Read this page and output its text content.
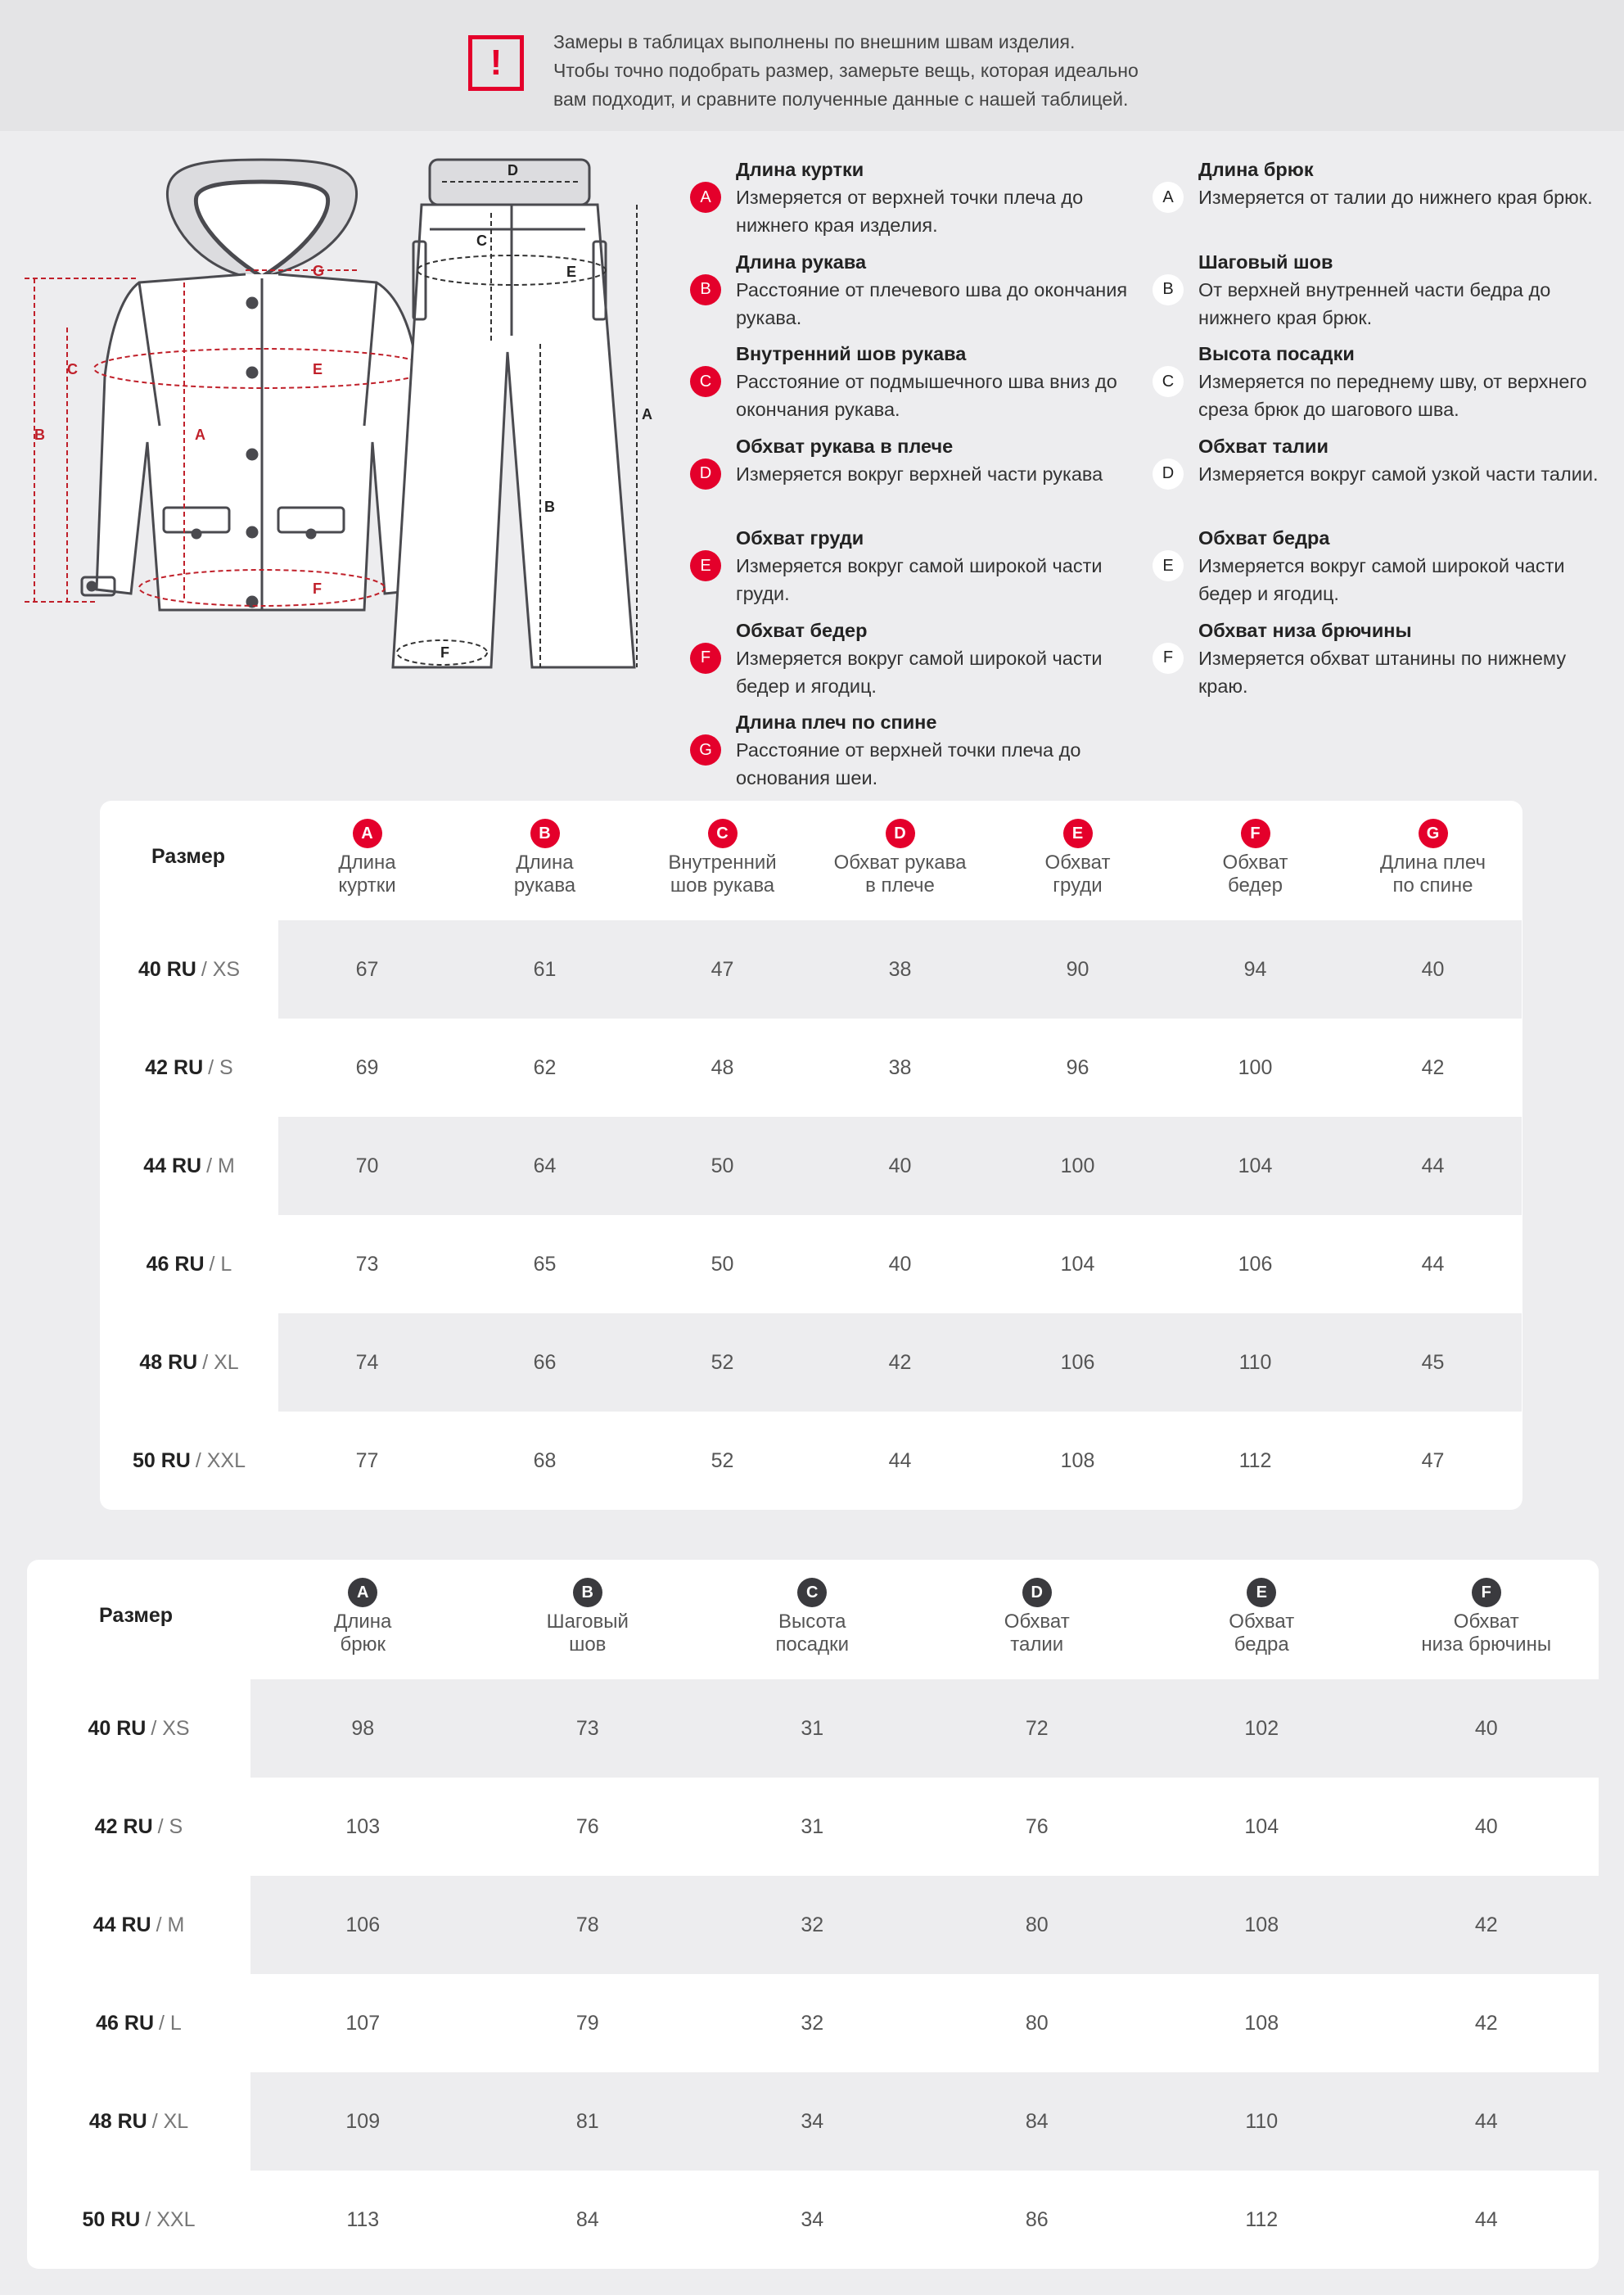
!
Замеры в таблицах выполнены по внешним швам изделия.
Чтобы точно подобрать размер, замерьте вещь, которая идеально
вам подходит, и сравните полученные данные с нашей таблицей.
A
B
C	E
F
G
D
C
E
A
B
F
A
Длина куртки
Измеряется от верхней точки плеча до нижнего края изделия.
B
Длина рукава
Расстояние от плечевого шва до окончания рукава.
C
Внутренний шов рукава
Расстояние от подмышечного шва вниз до окончания рукава.
D
Обхват рукава в плече
Измеряется вокруг верхней части рукава
E
Обхват груди
Измеряется вокруг самой широкой части груди.
F
Обхват бедер
Измеряется вокруг самой широкой части бедер и ягодиц.
G
Длина плеч по спине
Расстояние от верхней точки плеча до основания шеи.
A
Длина брюк
Измеряется от талии до нижнего края брюк.
B
Шаговый шов
От верхней внутренней части бедра до нижнего края брюк.
C
Высота посадки
Измеряется по переднему шву, от верхнего среза брюк до шагового шва.
D
Обхват талии
Измеряется вокруг самой узкой части талии.
E
Обхват бедра
Измеряется вокруг самой широкой части бедер и ягодиц.
F
Обхват низа брючины
Измеряется обхват штанины по нижнему краю.
Размер
A
Длина
куртки
B
Длина
рукава
C
Внутренний
шов рукава
D
Обхват рукава
в плече
E
Обхват
груди
F
Обхват
бедер
G
Длина плеч
по спине
40 RU / XS	67	61	47	38	90	94	40
42 RU / S	69	62	48	38	96	100	42
44 RU / M	70	64	50	40	100	104	44
46 RU / L	73	65	50	40	104	106	44
48 RU / XL	74	66	52	42	106	110	45
50 RU / XXL	77	68	52	44	108	112	47
Размер
A
Длина
брюк
B
Шаговый
шов
C
Высота
посадки
D
Обхват
талии
E
Обхват
бедра
F
Обхват
низа брючины
40 RU / XS	98	73	31	72	102	40
42 RU / S	103	76	31	76	104	40
44 RU / M	106	78	32	80	108	42
46 RU / L	107	79	32	80	108	42
48 RU / XL	109	81	34	84	110	44
50 RU / XXL	113	84	34	86	112	44
